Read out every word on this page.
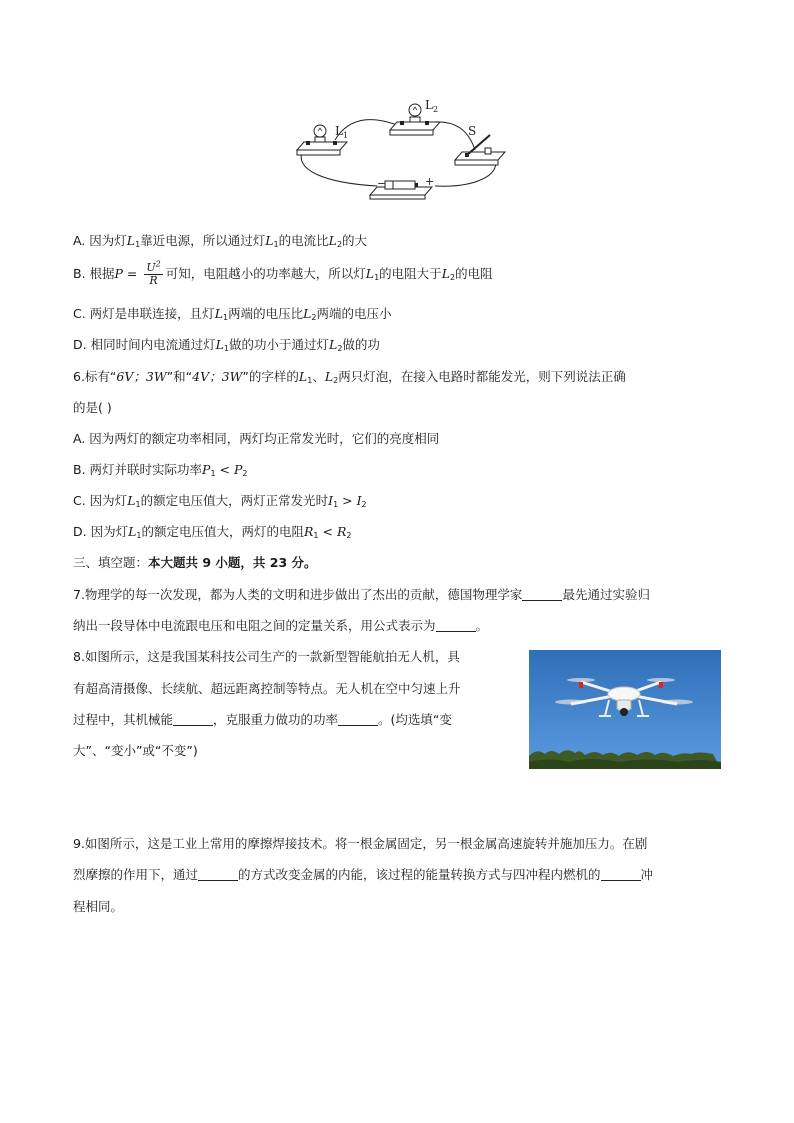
$L_1$
$L_2$
S
−	+
A. 因为灯$L_1$靠近电源，所以通过灯$L_1$的电流比$L_2$的大
B. 根据$P = \frac{U^2}{R}$ 可知，电阻越小的功率越大，所以灯$L_1$的电阻大于$L_2$的电阻
C. 两灯是串联连接，且灯$L_1$两端的电压比$L_2$两端的电压小
D. 相同时间内电流通过灯$L_1$做的功小于通过灯$L_2$做的功
6.标有“6V；3W”和“4V；3W”的字样的$L_1$、$L_2$两只灯泡，在接入电路时都能发光，则下列说法正确
的是( )
A. 因为两灯的额定功率相同，两灯均正常发光时，它们的亮度相同
B. 两灯并联时实际功率$P_1 < P_2$
C. 因为灯$L_1$的额定电压值大，两灯正常发光时$I_1 > I_2$
D. 因为灯$L_1$的额定电压值大，两灯的电阻$R_1 < R_2$
三、填空题：本大题共 9 小题，共 23 分。
7.物理学的每一次发现，都为人类的文明和进步做出了杰出的贡献，德国物理学家	最先通过实验归
纳出一段导体中电流跟电压和电阻之间的定量关系，用公式表示为	。
8.如图所示，这是我国某科技公司生产的一款新型智能航拍无人机，具
有超高清摄像、长续航、超远距离控制等特点。无人机在空中匀速上升
过程中，其机械能	，克服重力做功的功率	。(均选填“变
大”、“变小”或“不变”)
9.如图所示，这是工业上常用的摩擦焊接技术。将一根金属固定，另一根金属高速旋转并施加压力。在剧
烈摩擦的作用下，通过	的方式改变金属的内能，该过程的能量转换方式与四冲程内燃机的	冲
程相同。
